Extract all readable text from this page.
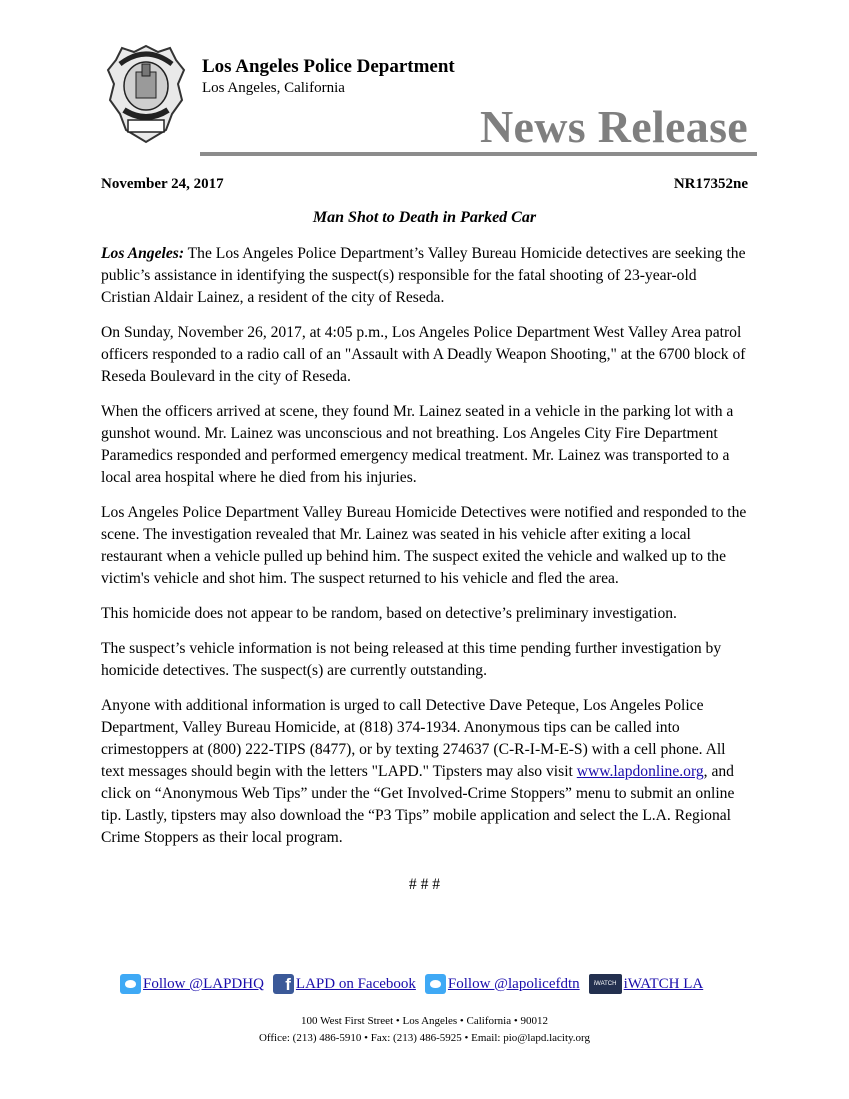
Los Angeles Police Department
Los Angeles, California
News Release
November 24, 2017	NR17352ne
Man Shot to Death in Parked Car

Los Angeles: The Los Angeles Police Department’s Valley Bureau Homicide detectives are seeking the public’s assistance in identifying the suspect(s) responsible for the fatal shooting of 23-year-old Cristian Aldair Lainez, a resident of the city of Reseda.

On Sunday, November 26, 2017, at 4:05 p.m., Los Angeles Police Department West Valley Area patrol officers responded to a radio call of an "Assault with A Deadly Weapon Shooting," at the 6700 block of Reseda Boulevard in the city of Reseda.

When the officers arrived at scene, they found Mr. Lainez seated in a vehicle in the parking lot with a gunshot wound. Mr. Lainez was unconscious and not breathing. Los Angeles City Fire Department Paramedics responded and performed emergency medical treatment. Mr. Lainez was transported to a local area hospital where he died from his injuries.

Los Angeles Police Department Valley Bureau Homicide Detectives were notified and responded to the scene. The investigation revealed that Mr. Lainez was seated in his vehicle after exiting a local restaurant when a vehicle pulled up behind him. The suspect exited the vehicle and walked up to the victim's vehicle and shot him. The suspect returned to his vehicle and fled the area.

This homicide does not appear to be random, based on detective’s preliminary investigation.

The suspect’s vehicle information is not being released at this time pending further investigation by homicide detectives. The suspect(s) are currently outstanding.

Anyone with additional information is urged to call Detective Dave Peteque, Los Angeles Police Department, Valley Bureau Homicide, at (818) 374-1934. Anonymous tips can be called into crimestoppers at (800) 222-TIPS (8477), or by texting 274637 (C-R-I-M-E-S) with a cell phone. All text messages should begin with the letters "LAPD." Tipsters may also visit www.lapdonline.org, and click on “Anonymous Web Tips” under the “Get Involved-Crime Stoppers” menu to submit an online tip. Lastly, tipsters may also download the “P3 Tips” mobile application and select the L.A. Regional Crime Stoppers as their local program.

# # #
Follow @LAPDHQ	f LAPD on Facebook Follow @lapolicefdtn	iWATCH iWATCH LA
100 West First Street • Los Angeles • California • 90012
Office: (213) 486-5910 • Fax: (213) 486-5925 • Email: pio@lapd.lacity.org
